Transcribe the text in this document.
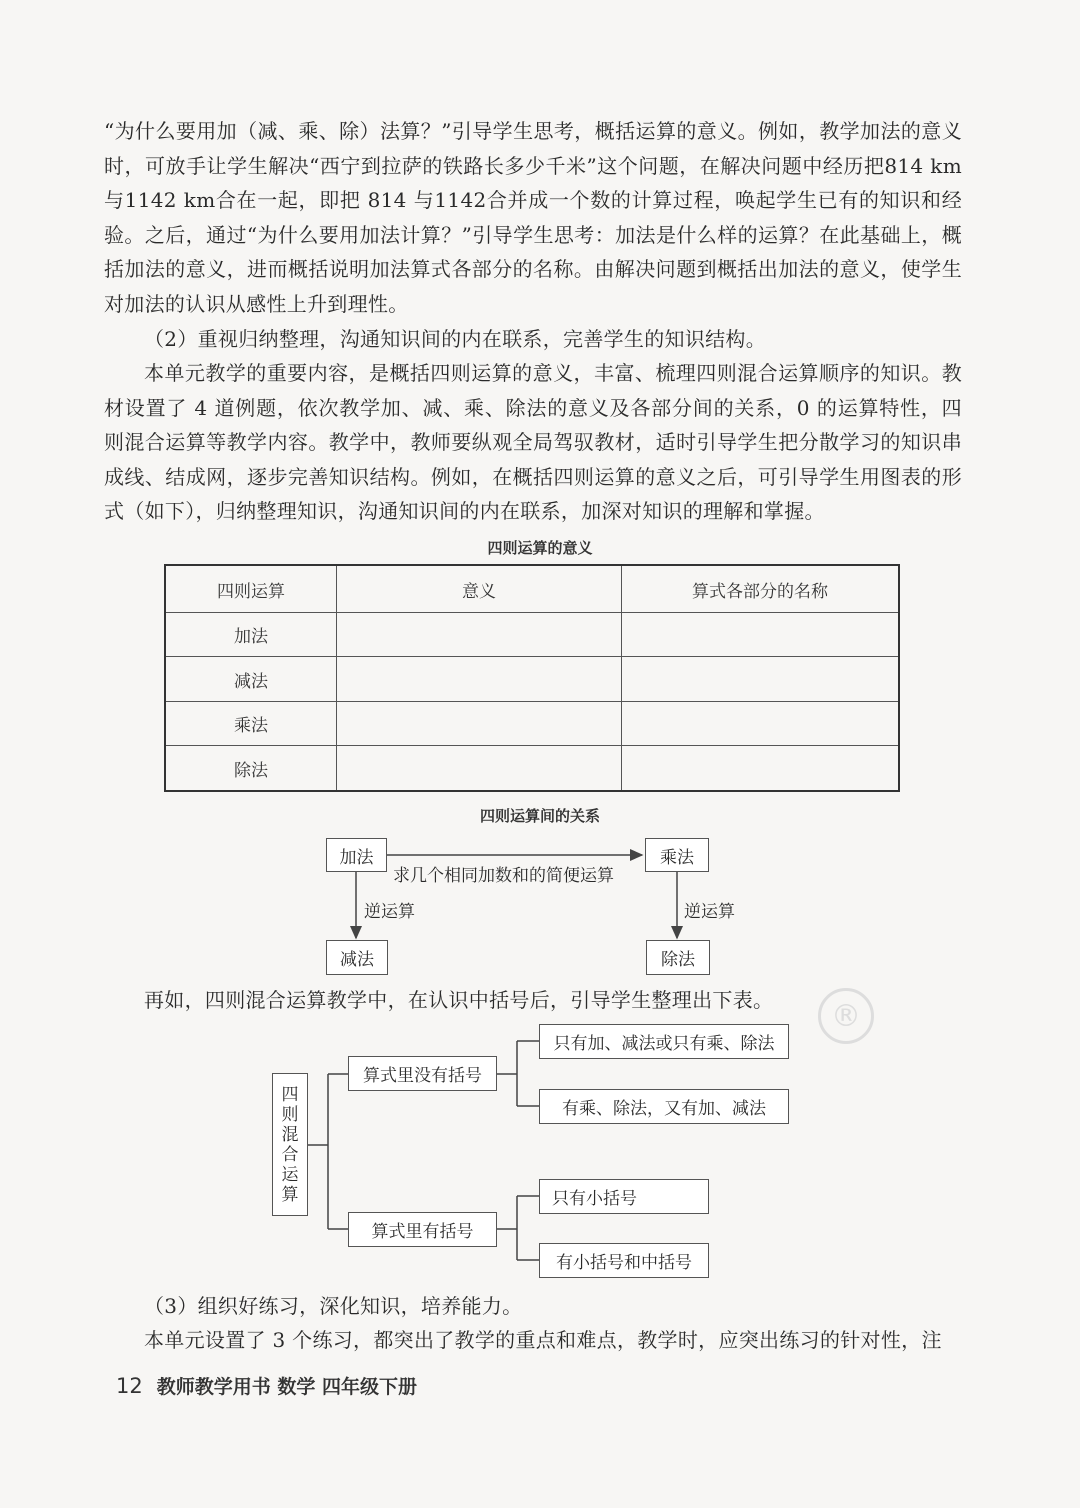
“为什么要用加（减、乘、除）法算？”引导学生思考，概括运算的意义。例如，教学加法的意义时，可放手让学生解决“西宁到拉萨的铁路长多少千米”这个问题，在解决问题中经历把814 km与1142 km合在一起，即把 814 与1142合并成一个数的计算过程，唤起学生已有的知识和经验。之后，通过“为什么要用加法计算？”引导学生思考：加法是什么样的运算？在此基础上，概括加法的意义，进而概括说明加法算式各部分的名称。由解决问题到概括出加法的意义，使学生对加法的认识从感性上升到理性。

（2）重视归纳整理，沟通知识间的内在联系，完善学生的知识结构。

本单元教学的重要内容，是概括四则运算的意义，丰富、梳理四则混合运算顺序的知识。教材设置了 4 道例题，依次教学加、减、乘、除法的意义及各部分间的关系，0 的运算特性，四则混合运算等教学内容。教学中，教师要纵观全局驾驭教材，适时引导学生把分散学习的知识串成线、结成网，逐步完善知识结构。例如，在概括四则运算的意义之后，可引导学生用图表的形式（如下），归纳整理知识，沟通知识间的内在联系，加深对知识的理解和掌握。

四则运算的意义
四则运算	意义	算式各部分的名称
加法		
减法		
乘法		
除法		
四则运算间的关系
加法	乘法
减法	除法
求几个相同加数和的简便运算
逆运算	逆运算

再如，四则混合运算教学中，在认识中括号后，引导学生整理出下表。	®
四
则
混
合
运
算
算式里没有括号
算式里有括号
只有加、减法或只有乘、除法
有乘、除法，又有加、减法
只有小括号
有小括号和中括号

（3）组织好练习，深化知识，培养能力。

本单元设置了 3 个练习，都突出了教学的重点和难点，教学时，应突出练习的针对性，注

12 教师教学用书 数学 四年级下册
